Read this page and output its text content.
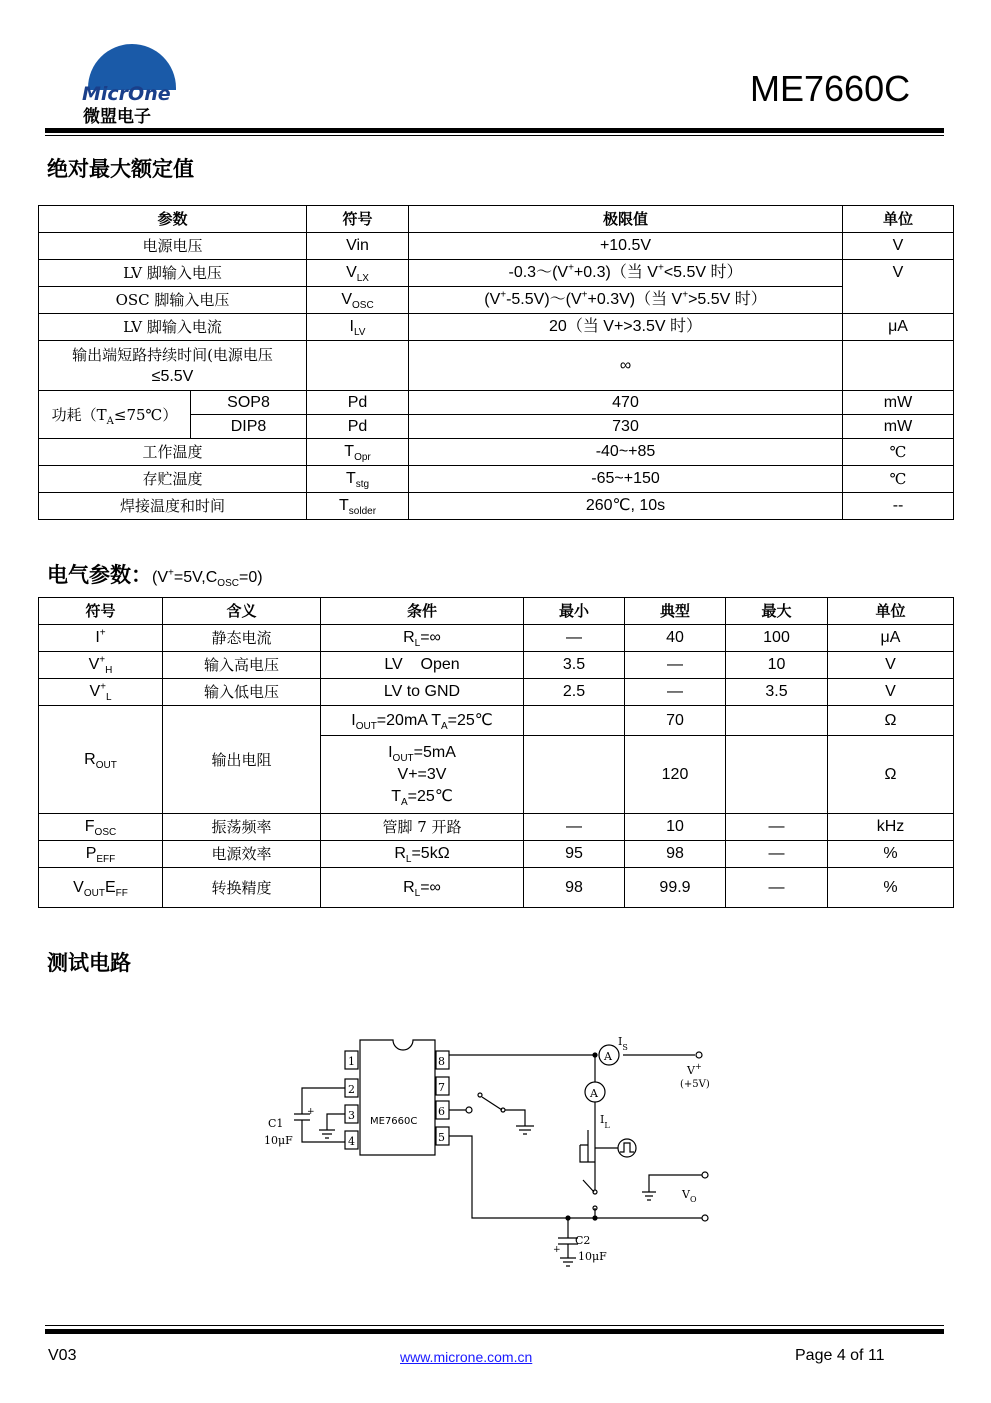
MicrOne
微盟电子
ME7660C
绝对最大额定值
参数		符号	极限值	单位
电源电压		Vin	+10.5V	V
LV 脚输入电压		$V_{LX}$	-0.3～(V++0.3)（当 V+<5.5V 时）	V
OSC 脚输入电压		$V_{OSC}$	(V+-5.5V)～(V++0.3V)（当 V+>5.5V 时）	
LV 脚输入电流		$I_{LV}$	20（当 V+>3.5V 时）	μA

输出端短路持续时间(电源电压
≤5.5V			∞	
功耗$(T_A\le 75℃)$	SOP8	Pd	470	mW
	DIP8	Pd	730	mW
工作温度		$T_{Opr}$	-40~+85	℃
存贮温度		$T_{stg}$	-65~+150	℃
焊接温度和时间		$T_{solder}$	260℃, 10s	--
电气参数：$(V^+=5V,C_{OSC}=0)$
符号	含义	条件	最小	典型	最大	单位
I+	静态电流	$R_L=\infty$	—	40	100	μA
$V^+_H$	输入高电压	LV    Open	3.5	—	10	V
$V^+_L$	输入低电压	LV to GND	2.5	—	3.5	V
$R_{OUT}$	输出电阻	$I_{OUT}=20mA$ $T_A=25℃$		70		Ω

		$I_{OUT}=5mA$
V+=3V
$T_A=25℃$		120		Ω
$F_{OSC}$	振荡频率	管脚 7 开路	—	10	—	kHz
$P_{EFF}$	电源效率	$R_L=5k\Omega$	95	98	—	%
$V_{OUT}E_{FF}$	转换精度	$R_L=\infty$	98	99.9	—	%
测试电路
ME7660C
1
2
3
4
8
7
6
5
+
C1
10μF
A
$I_S$
V+
(+5V)
A
$I_L$
$V_O$
+
C2
10μF
V03	www.microne.com.cn	Page 4 of 11
